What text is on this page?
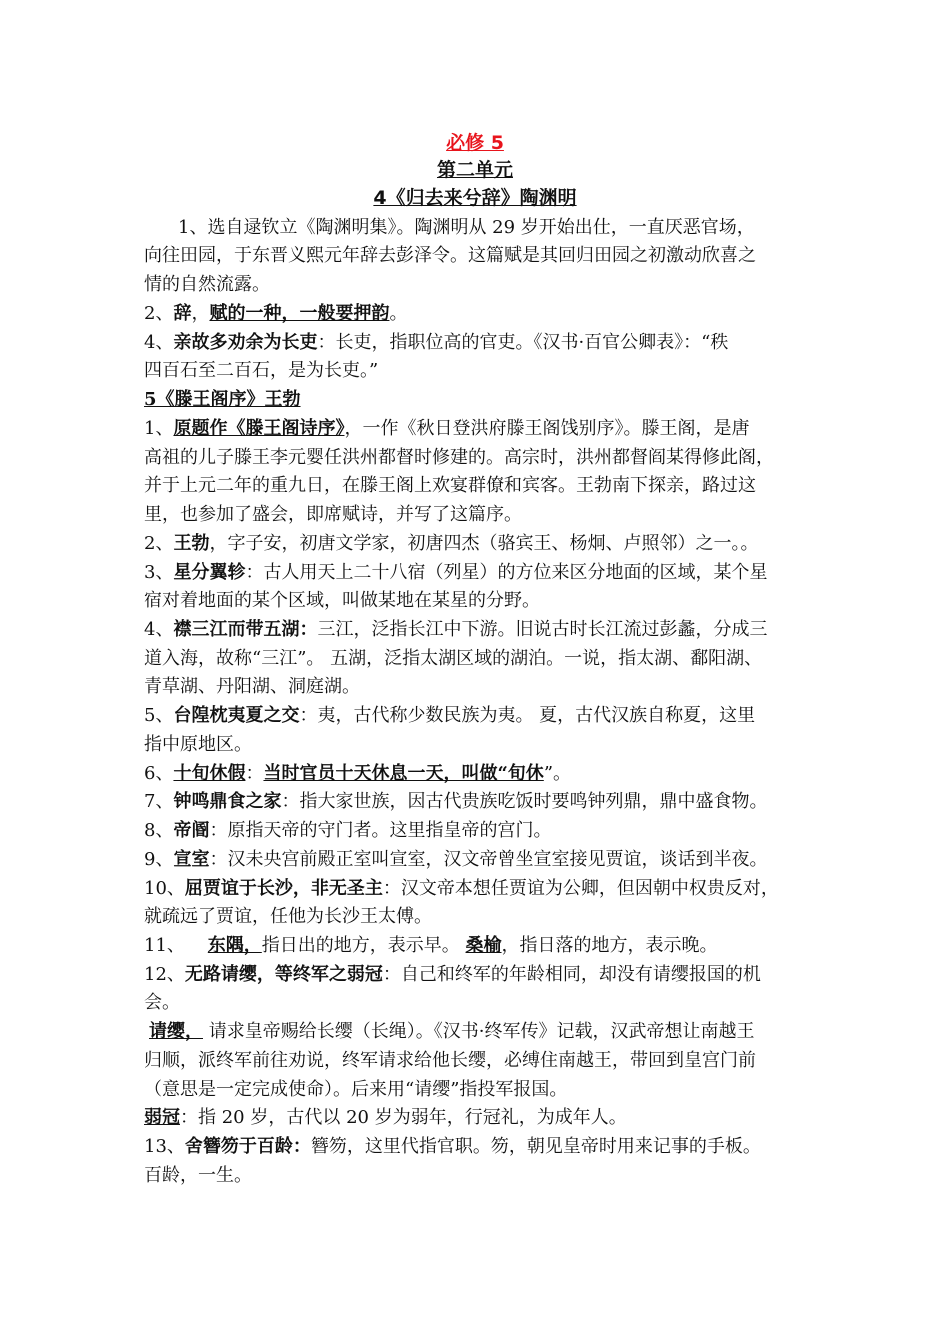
必修 5
第二单元
4《归去来兮辞》陶渊明
1、选自逯钦立《陶渊明集》。陶渊明从 29 岁开始出仕，一直厌恶官场，
向往田园，于东晋义熙元年辞去彭泽令。这篇赋是其回归田园之初激动欣喜之
情的自然流露。
2、辞，赋的一种，一般要押韵。
4、亲故多劝余为长吏：长吏，指职位高的官吏。《汉书·百官公卿表》：“秩
四百石至二百石，是为长吏。”
5《滕王阁序》王勃
1、原题作《滕王阁诗序》，一作《秋日登洪府滕王阁饯别序》。滕王阁，是唐
高祖的儿子滕王李元婴任洪州都督时修建的。高宗时，洪州都督阎某得修此阁，
并于上元二年的重九日，在滕王阁上欢宴群僚和宾客。王勃南下探亲，路过这
里，也参加了盛会，即席赋诗，并写了这篇序。
2、王勃，字子安，初唐文学家，初唐四杰（骆宾王、杨炯、卢照邻）之一。。
3、星分翼轸：古人用天上二十八宿（列星）的方位来区分地面的区域，某个星
宿对着地面的某个区域，叫做某地在某星的分野。
4、襟三江而带五湖：三江，泛指长江中下游。旧说古时长江流过彭蠡，分成三
道入海，故称“三江”。 五湖，泛指太湖区域的湖泊。一说，指太湖、鄱阳湖、
青草湖、丹阳湖、洞庭湖。
5、台隍枕夷夏之交：夷，古代称少数民族为夷。 夏，古代汉族自称夏，这里
指中原地区。
6、十旬休假：当时官员十天休息一天，叫做“旬休”。
7、钟鸣鼎食之家：指大家世族，因古代贵族吃饭时要鸣钟列鼎，鼎中盛食物。
8、帝阍：原指天帝的守门者。这里指皇帝的宫门。
9、宣室：汉未央宫前殿正室叫宣室，汉文帝曾坐宣室接见贾谊，谈话到半夜。
10、屈贾谊于长沙，非无圣主：汉文帝本想任贾谊为公卿，但因朝中权贵反对，
就疏远了贾谊，任他为长沙王太傅。
11、 东隅，指日出的地方，表示早。 桑榆，指日落的地方，表示晚。
12、无路请缨，等终军之弱冠：自己和终军的年龄相同，却没有请缨报国的机
会。
请缨， 请求皇帝赐给长缨（长绳）。《汉书·终军传》记载，汉武帝想让南越王
归顺，派终军前往劝说，终军请求给他长缨，必缚住南越王，带回到皇宫门前
（意思是一定完成使命）。后来用“请缨”指投军报国。
弱冠：指 20 岁，古代以 20 岁为弱年，行冠礼，为成年人。
13、舍簪笏于百龄：簪笏，这里代指官职。笏，朝见皇帝时用来记事的手板。
百龄，一生。
